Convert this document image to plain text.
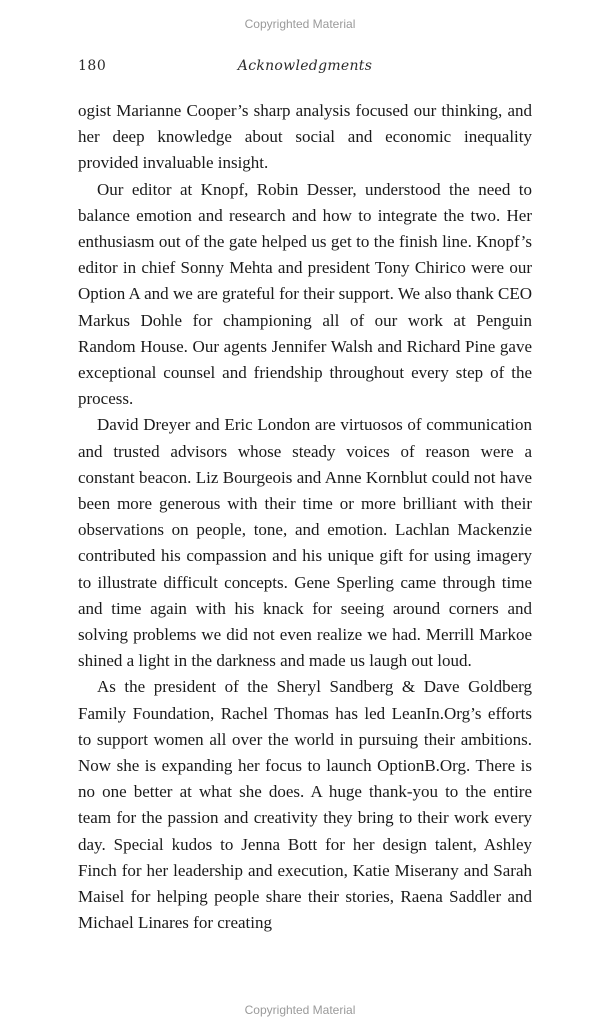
Copyrighted Material
180	Acknowledgments

ogist Marianne Cooper’s sharp analysis focused our thinking, and her deep knowledge about social and economic inequality provided invaluable insight.

Our editor at Knopf, Robin Desser, understood the need to balance emotion and research and how to integrate the two. Her enthusiasm out of the gate helped us get to the finish line. Knopf’s editor in chief Sonny Mehta and president Tony Chirico were our Option A and we are grateful for their support. We also thank CEO Markus Dohle for championing all of our work at Penguin Random House. Our agents Jennifer Walsh and Richard Pine gave exceptional counsel and friendship throughout every step of the process.

David Dreyer and Eric London are virtuosos of communication and trusted advisors whose steady voices of reason were a constant beacon. Liz Bourgeois and Anne Kornblut could not have been more generous with their time or more brilliant with their observations on people, tone, and emotion. Lachlan Mackenzie contributed his compassion and his unique gift for using imagery to illustrate difficult concepts. Gene Sperling came through time and time again with his knack for seeing around corners and solving problems we did not even realize we had. Merrill Markoe shined a light in the darkness and made us laugh out loud.

As the president of the Sheryl Sandberg & Dave Goldberg Family Foundation, Rachel Thomas has led LeanIn.Org’s efforts to support women all over the world in pursuing their ambitions. Now she is expanding her focus to launch OptionB.Org. There is no one better at what she does. A huge thank-you to the entire team for the passion and creativity they bring to their work every day. Special kudos to Jenna Bott for her design talent, Ashley Finch for her leadership and execution, Katie Miserany and Sarah Maisel for helping people share their stories, Raena Saddler and Michael Linares for creating

Copyrighted Material
